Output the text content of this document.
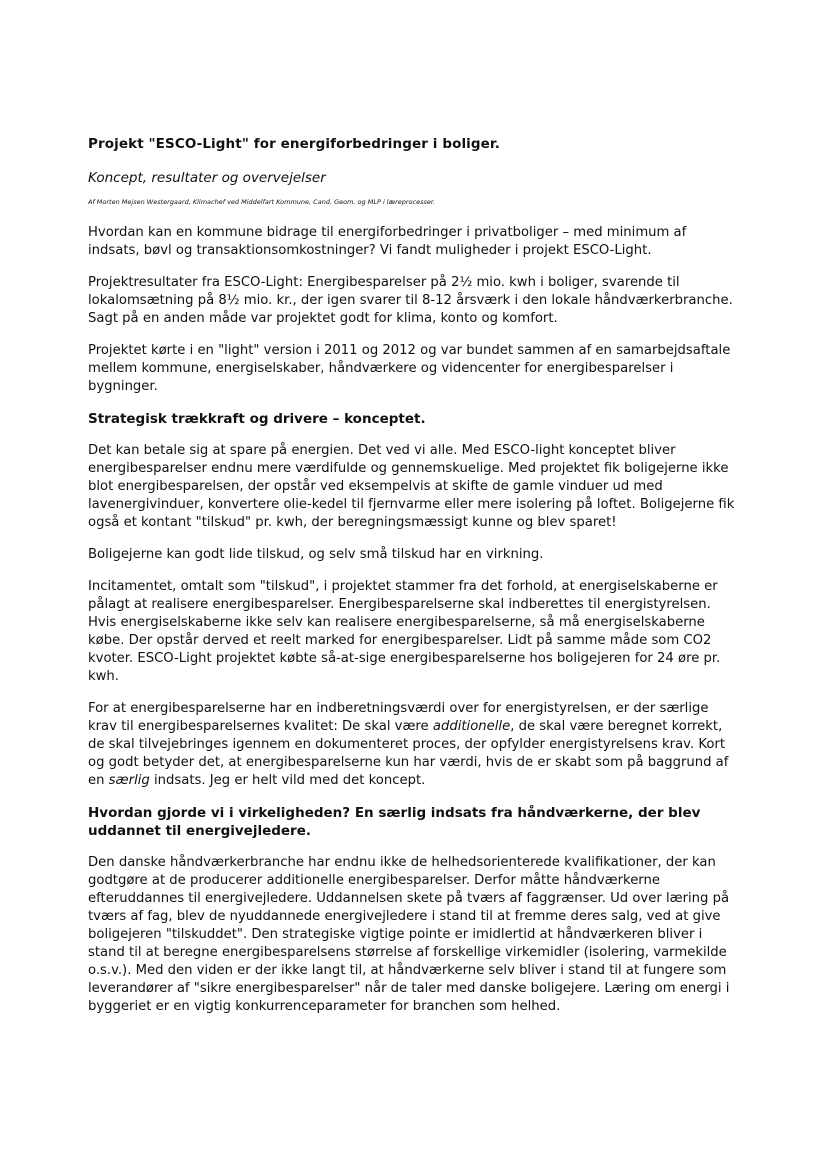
Projekt "ESCO-Light" for energiforbedringer i boliger.
Koncept, resultater og overvejelser
Af Morten Mejsen Westergaard, Klimachef ved Middelfart Kommune, Cand. Geom. og MLP i læreprocesser.

Hvordan kan en kommune bidrage til energiforbedringer i privatboliger – med minimum af indsats, bøvl og transaktionsomkostninger? Vi fandt muligheder i projekt ESCO-Light.

Projektresultater fra ESCO-Light: Energibesparelser på 2½ mio. kwh i boliger, svarende til lokalomsætning på 8½ mio. kr., der igen svarer til 8-12 årsværk i den lokale håndværkerbranche. Sagt på en anden måde var projektet godt for klima, konto og komfort.

Projektet kørte i en "light" version i 2011 og 2012 og var bundet sammen af en samarbejdsaftale mellem kommune, energiselskaber, håndværkere og videncenter for energibesparelser i bygninger.

Strategisk trækkraft og drivere – konceptet.

Det kan betale sig at spare på energien. Det ved vi alle. Med ESCO-light konceptet bliver energibesparelser endnu mere værdifulde og gennemskuelige. Med projektet fik boligejerne ikke blot energibesparelsen, der opstår ved eksempelvis at skifte de gamle vinduer ud med lavenergivinduer, konvertere olie-kedel til fjernvarme eller mere isolering på loftet. Boligejerne fik også et kontant "tilskud" pr. kwh, der beregningsmæssigt kunne og blev sparet!

Boligejerne kan godt lide tilskud, og selv små tilskud har en virkning.

Incitamentet, omtalt som "tilskud", i projektet stammer fra det forhold, at energiselskaberne er pålagt at realisere energibesparelser. Energibesparelserne skal indberettes til energistyrelsen. Hvis energiselskaberne ikke selv kan realisere energibesparelserne, så må energiselskaberne købe. Der opstår derved et reelt marked for energibesparelser. Lidt på samme måde som CO2 kvoter. ESCO-Light projektet købte så-at-sige energibesparelserne hos boligejeren for 24 øre pr. kwh.

For at energibesparelserne har en indberetningsværdi over for energistyrelsen, er der særlige krav til energibesparelsernes kvalitet: De skal være additionelle, de skal være beregnet korrekt, de skal tilvejebringes igennem en dokumenteret proces, der opfylder energistyrelsens krav. Kort og godt betyder det, at energibesparelserne kun har værdi, hvis de er skabt som på baggrund af en særlig indsats. Jeg er helt vild med det koncept.

Hvordan gjorde vi i virkeligheden? En særlig indsats fra håndværkerne, der blev uddannet til energivejledere.

Den danske håndværkerbranche har endnu ikke de helhedsorienterede kvalifikationer, der kan godtgøre at de producerer additionelle energibesparelser. Derfor måtte håndværkerne efteruddannes til energivejledere. Uddannelsen skete på tværs af faggrænser. Ud over læring på tværs af fag, blev de nyuddannede energivejledere i stand til at fremme deres salg, ved at give boligejeren "tilskuddet". Den strategiske vigtige pointe er imidlertid at håndværkeren bliver i stand til at beregne energibesparelsens størrelse af forskellige virkemidler (isolering, varmekilde o.s.v.). Med den viden er der ikke langt til, at håndværkerne selv bliver i stand til at fungere som leverandører af "sikre energibesparelser" når de taler med danske boligejere. Læring om energi i byggeriet er en vigtig konkurrenceparameter for branchen som helhed.
